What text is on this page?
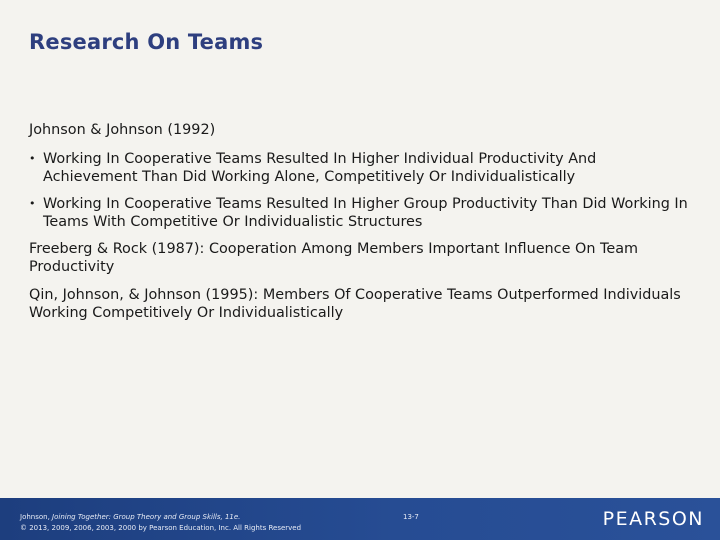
Research On Teams

Johnson & Johnson (1992)

• Working In Cooperative Teams Resulted In Higher Individual Productivity And Achievement Than Did Working Alone, Competitively Or Individualistically
• Working In Cooperative Teams Resulted In Higher Group Productivity Than Did Working In Teams With Competitive Or Individualistic Structures

Freeberg & Rock (1987): Cooperation Among Members Important Influence On Team Productivity

Qin, Johnson, & Johnson (1995): Members Of Cooperative Teams Outperformed Individuals Working Competitively Or Individualistically

Johnson, Joining Together: Group Theory and Group Skills, 11e.
© 2013, 2009, 2006, 2003, 2000 by Pearson Education, Inc. All Rights Reserved
13-7	PEARSON
